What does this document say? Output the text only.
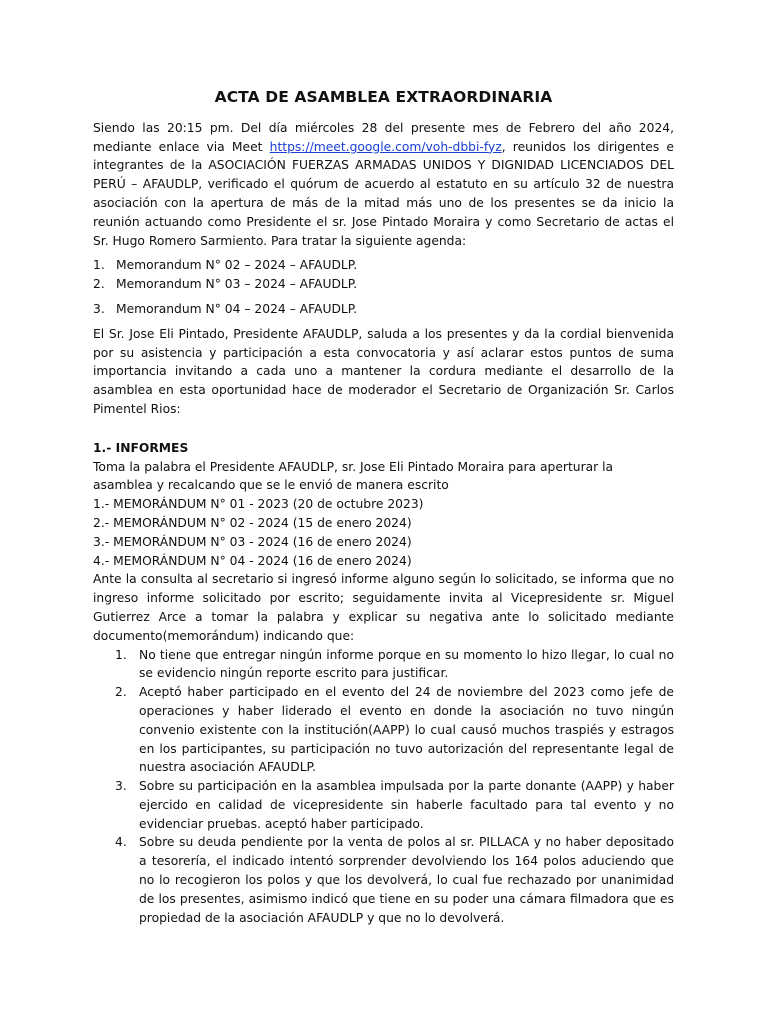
ACTA DE ASAMBLEA EXTRAORDINARIA

Siendo las 20:15 pm. Del día miércoles 28 del presente mes de Febrero del año 2024, mediante enlace via Meet https://meet.google.com/voh-dbbi-fyz, reunidos los dirigentes e integrantes de la ASOCIACIÓN FUERZAS ARMADAS UNIDOS Y DIGNIDAD LICENCIADOS DEL PERÚ – AFAUDLP, verificado el quórum de acuerdo al estatuto en su artículo 32 de nuestra asociación con la apertura de más de la mitad más uno de los presentes se da inicio la reunión actuando como Presidente el sr. Jose Pintado Moraira y como Secretario de actas el Sr. Hugo Romero Sarmiento. Para tratar la siguiente agenda:

1. Memorandum N° 02 – 2024 – AFAUDLP.
2. Memorandum N° 03 – 2024 – AFAUDLP.
3. Memorandum N° 04 – 2024 – AFAUDLP.

El Sr. Jose Eli Pintado, Presidente AFAUDLP, saluda a los presentes y da la cordial bienvenida por su asistencia y participación a esta convocatoria y así aclarar estos puntos de suma importancia invitando a cada uno a mantener la cordura mediante el desarrollo de la asamblea en esta oportunidad hace de moderador el Secretario de Organización Sr. Carlos Pimentel Rios:

1.- INFORMES

Toma la palabra el Presidente AFAUDLP, sr. Jose Eli Pintado Moraira para aperturar la asamblea y recalcando que se le envió de manera escrito

1.- MEMORÁNDUM N° 01 - 2023 (20 de octubre 2023)
2.- MEMORÁNDUM N° 02 - 2024 (15 de enero 2024)
3.- MEMORÁNDUM N° 03 - 2024 (16 de enero 2024)
4.- MEMORÁNDUM N° 04 - 2024 (16 de enero 2024)

Ante la consulta al secretario si ingresó informe alguno según lo solicitado, se informa que no ingreso informe solicitado por escrito; seguidamente invita al Vicepresidente sr. Miguel Gutierrez Arce a tomar la palabra y explicar su negativa ante lo solicitado mediante documento(memorándum) indicando que:

1. No tiene que entregar ningún informe porque en su momento lo hizo llegar, lo cual no se evidencio ningún reporte escrito para justificar.
2. Aceptó haber participado en el evento del 24 de noviembre del 2023 como jefe de operaciones y haber liderado el evento en donde la asociación no tuvo ningún convenio existente con la institución(AAPP) lo cual causó muchos traspiés y estragos en los participantes, su participación no tuvo autorización del representante legal de nuestra asociación AFAUDLP.
3. Sobre su participación en la asamblea impulsada por la parte donante (AAPP) y haber ejercido en calidad de vicepresidente sin haberle facultado para tal evento y no evidenciar pruebas. aceptó haber participado.
4. Sobre su deuda pendiente por la venta de polos al sr. PILLACA y no haber depositado a tesorería, el indicado intentó sorprender devolviendo los 164 polos aduciendo que no lo recogieron los polos y que los devolverá, lo cual fue rechazado por unanimidad de los presentes, asimismo indicó que tiene en su poder una cámara filmadora que es propiedad de la asociación AFAUDLP y que no lo devolverá.
